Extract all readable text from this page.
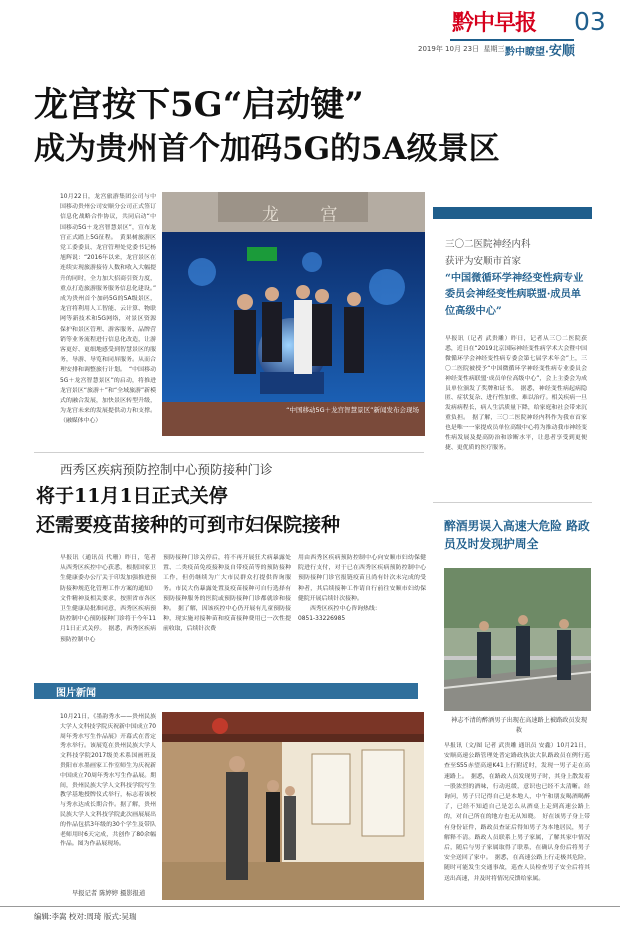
黔中早报 03
2019年 10月 23日 星期三 黔中瞭望·安顺
龙宫按下5G“启动键”
成为贵州首个加码5G的5A级景区
10月22日，龙宫旅游集团公司与中国移动贵州公司安顺分公司正式签订信息化战略合作协议，共同启动“中国移动5G＋龙宫智慧景区”，宣布龙宫正式踏上5G征程。　黄果树旅游区党工委委员、龙宫管理处党委书记杨旭辉说：“2016年以来，龙宫景区在连续实现旅游接待人数和收入大幅提升的同时，全力加大招商引资力度，重点打造旅游服务服务信息化建设。”　成为贵州首个加码5G的5A级景区，龙宫将利用人工智能、云计算、物联网等新技术和5G网络，对景区资源保护和景区管理、游客服务、品牌营销等业务流程进行信息化改造，让游客更好、更细地感受到智慧景区的服务，导游、导览和同屏服务。从而合理安排和调整旅行计划。　“中国移动5G＋龙宫智慧景区”的启动，将推进龙宫景区“旅游＋”和“全域旅游”新模式的融合发展，加快景区转型升级，为龙宫未来的发展提供动力和支撑。（融媒体中心）
龙 宫
“中国移动5G＋龙宫智慧景区”新闻发布会现场
三〇二医院神经内科
获评为安顺市首家
“中国微循环学神经变性病专业委员会神经变性病联盟·成员单位高级中心”
早报讯（记者 武贵雕）昨日，记者从三〇二医院获悉，近日在“2019北京国际神经变性病学术大会暨中国微循环学会神经变性病专委会第七届学术年会”上，三〇二医院被授予“中国微循环学神经变性病专业委员会神经变性病联盟·成员单位高级中心”，会上主委会为成员单位颁发了奖牌和证书。　据悉，神经变性病起病隐匿、症状复杂、进行性加重、难以治疗。相关疾病一旦发病病程长，病人生活质量下降，给家庭和社会带来沉重负担。　据了解，三〇二医院神经内科作为我市首家也是唯一一家提成员单位高级中心将为推动我市神经变性病发展及提高防治和诊断水平，让患者享受到更便捷、更优质的医疗服务。
西秀区疾病预防控制中心预防接种门诊
将于11月1日正式关停
还需要疫苗接种的可到市妇保院接种
早报讯（通讯员 代珊）昨日，笔者从西秀区疾控中心获悉，根据国家卫生健康委办公厅关于印发加强推进预防接种规范化管理工作方案的通知》文件精神及相关要求，按照省市各区卫生健康局批准同意，西秀区疾病预防控制中心预防接种门诊将于今年11月1日正式关停。　据悉，西秀区疾病预防控制中心
预防接种门诊关停后，将不再开展狂犬病暴露处置、二类疫苗免疫接种及自带疫苗等的预防接种工作，但仍继续为广大市民群众打提供咨询服务。市民大伤暴露处置及疫苗接种可自行选择有预防接种服务的医院或预防接种门诊都就诊和接种。　据了解，因该疾控中心仍开展有儿童预防接种，现实施对接种苗和疫苗接种费用已一次性提前收取，后续针次费
用由西秀区疾病预防控制中心向安顺市妇幼保健院进行支付，对于已在西秀区疾病预防控制中心预防接种门诊官报链疫苗且尚有针次未完成的受种者，其后续接种工作请自行前往安顺市妇幼保健院开展后续针次接种。
西秀区疾控中心咨询热线：
0851-33226985
醉酒男误入高速大危险 路政员及时发现护周全
神志不清的醉酒男子出现在高速路上被路政员发现救
早报讯（文/图 记者 武贵雕 通讯员 安鑫）10月21日，安顺高速公路管理处普定路政执法大队路政员在例行巡查至S55赤望高速K41上行附近时，发现一男子走在高速路上。　据悉，在路政人员发现男子时，其身上散发着一股浓烈的酒味，行动迟缓，意识也已经不太清晰。经询问，男子只记得自己是本地人，中午和朋友喝酒喝醉了，已经不知道自己是怎么从酒桌上走到高速公路上的，对自己所在的地方也无从知晓。　好在该男子身上带有身份证件，路政员查证后得知男子为本地居民，男子解释不清。路政人员联系上男子家属，了解其家中情况后，随后与男子家属取得了联系，在确认身份后将男子安全送回了家中。　据悉，在高速公路上行走极其危险，随时可能发生交通事故，巡查人员检查男子安全后将其送出高速，并及时将情况反馈给家属。
图片新闻
10月21日，《墨韵秀水——贵州民族大学人文科技学院庆祝新中国成立70周年秀水写生作品展》开幕式在普定秀水举行。该展览在贵州民族大学人文科技学院2017级美术系国画班及贵阳市水墨画家工作室师生为庆祝新中国成立70周年秀水写生作品展。期间，贵州民族大学人文科技学院写生教学基地授牌仪式举行，标志着该校与秀水达成长期合作。据了解，贵州民族大学人文科技学院此次画展展出的作品包括3年级的30个学生及带队老师用时6天完成，共创作了80余幅作品。图为作品展现场。
早报记者 陈婷婷 摄影报道
编辑:李嵩 校对:周琦 版式:吴瑞
